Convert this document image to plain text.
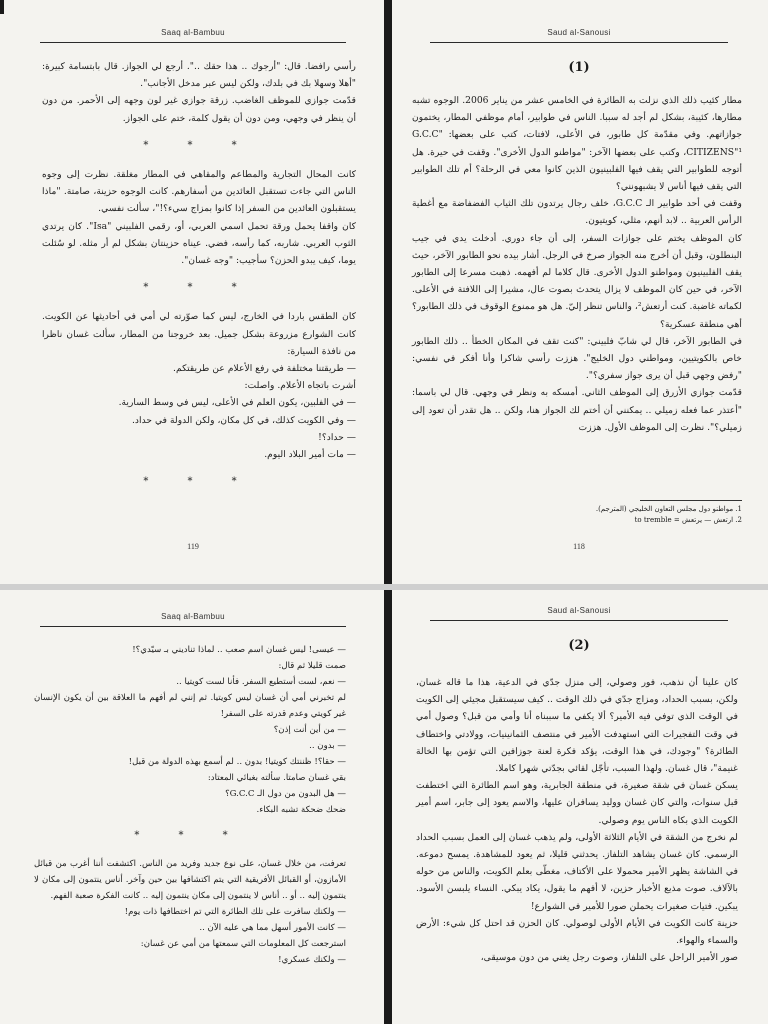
Saaq al-Bambuu

رأسي رافضا. قال: "أرجوك .. هذا حقك ..". أرجع لي الجواز. قال بابتسامة كبيرة: "أهلا وسهلا بك في بلدك، ولكن ليس عبر مدخل الأجانب".

قدّمت جوازي للموظف الغاضب. زرقة جوازي غير لون وجهه إلى الأحمر. من دون أن ينظر في وجهي، ومن دون أن يقول كلمة، ختم على الجواز.

* * *

كانت المحال التجارية والمطاعم والمقاهي في المطار مغلقة. نظرت إلى وجوه الناس التي جاءت تستقبل العائدين من أسفارهم. كانت الوجوه حزينة، صامتة. "ماذا يستقبلون العائدين من السفر إذا كانوا بمزاج سيء؟!"، سألت نفسي.

كان واقفا يحمل ورقة تحمل اسمي العربي، أو، رقمي الفلبيني "Isa". كان يرتدي الثوب العربي. شاربه، كما رأسه، فضي. عيناه حزينتان بشكل لم أر مثله. لو سُئلت يوما، كيف يبدو الحزن؟ سأجيب: "وجه غسان".

* * *

كان الطقس باردا في الخارج، ليس كما صوّرته لي أمي في أحاديثها عن الكويت. كانت الشوارع مزروعة بشكل جميل. بعد خروجنا من المطار، سألت غسان ناظرا من نافذة السيارة:

— طريقتنا مختلفة في رفع الأعلام عن طريقتكم.

أشرت باتجاه الأعلام. واصلت:

— في الفلبين، يكون العلم في الأعلى، ليس في وسط السارية.

— وفي الكويت كذلك، في كل مكان، ولكن الدولة في حداد.

— حداد؟!

— مات أمير البلاد اليوم.

* * *
119
Saud al-Sanousi
(1)

مطار كئيب ذلك الذي نزلت به الطائرة في الخامس عشر من يناير 2006. الوجوه تشبه مطارها، كئيبة، بشكل لم أجد له سببا. الناس في طوابير، أمام موظفي المطار، يختمون جوازاتهم. وفي مقدّمة كل طابور، في الأعلى، لافتات، كتب على بعضها: "G.C.C CITIZENS"¹، وكتب على بعضها الآخر: "مواطنو الدول الأخرى". وقفت في حيرة. هل أتوجه للطوابير التي يقف فيها الفلبينيون الذين كانوا معي في الرحلة؟ أم تلك الطوابير التي يقف فيها أناس لا يشبهونني؟

وقفت في أحد طوابير الـ G.C.C، خلف رجال يرتدون تلك الثياب الفضفاضة مع أغطية الرأس العربية .. لابد أنهم، مثلي، كويتيون.

كان الموظف يختم على جوازات السفر، إلى أن جاء دوري. أدخلت يدي في جيب البنطلون، وقبل أن أخرج منه الجواز صرخ في الرجل. أشار بيده نحو الطابور الآخر، حيث يقف الفلبينيون ومواطنو الدول الأخرى. قال كلاما لم أفهمه. ذهبت مسرعا إلى الطابور الآخر، في حين كان الموظف لا يزال يتحدث بصوت عال، مشيرا إلى اللافتة في الأعلى. لكماته غاضبة. كنت أرتعش²، والناس تنظر إليّ. هل هو ممنوع الوقوف في ذلك الطابور؟ أهي منطقة عسكرية؟

في الطابور الآخر، قال لي شابّ فلبيني: "كنت تقف في المكان الخطأ .. ذلك الطابور خاص بالكويتيين، ومواطني دول الخليج". هززت رأسي شاكرا وأنا أفكر في نفسي: "رفض وجهي قبل أن يرى جواز سفري؟".

قدّمت جوازي الأزرق إلى الموظف الثاني. أمسكه به ونظر في وجهي. قال لي باسما: "أعتذر عما فعله زميلي .. يمكنني أن أختم لك الجواز هنا، ولكن .. هل تقدر أن تعود إلى زميلي؟". نظرت إلى الموظف الأول. هززت

1. مواطنو دول مجلس التعاون الخليجي (المترجم).

2. ارتعش — يرتعش = to tremble

118
Saaq al-Bambuu

— عيسى! ليس غسان اسم صعب .. لماذا تناديني بـ سيّدي؟!

صمت قليلا ثم قال:

— نعم، لست أستطيع السفر. فأنا لست كويتيا ..

لم تخبرني أمي أن غسان ليس كويتيا. ثم إنني لم أفهم ما العلاقة بين أن يكون الإنسان غير كويتي وعدم قدرته على السفر!

— من أين أنت إذن؟

— بدون ..

— حقا؟! ظننتك كويتيا! بدون .. لم أسمع بهذه الدولة من قبل!

بقي غسان صامتا. سألته بغبائي المعتاد:

— هل البدون من دول الـ G.C.C؟

ضحك ضحكة تشبه البكاء.

* * *

تعرفت، من خلال غسان، على نوع جديد وفريد من الناس. اكتشفت أننا أغرب من قبائل الأمازون، أو القبائل الأفريقية التي يتم اكتشافها بين حين وآخر. أناس ينتمون إلى مكان لا ينتمون إليه .. أو .. أناس لا ينتمون إلى مكان ينتمون إليه .. كانت الفكرة صعبة الفهم.

— ولكنك سافرت على تلك الطائرة التي تم اختطافها ذات يوم!

— كانت الأمور أسهل مما هي عليه الآن ..

استرجعت كل المعلومات التي سمعتها من أمي عن غسان:

— ولكنك عسكري!

Saud al-Sanousi
(2)

كان علينا أن نذهب، فور وصولي، إلى منزل جدّي في الدعية، هذا ما قاله غسان، ولكن، بسبب الحداد، ومزاج جدّي في ذلك الوقت .. كيف سيستقبل مجيئي إلى الكويت في الوقت الذي توفي فيه الأمير؟ ألا يكفي ما سببناه أنا وأمي من قبل؟ وصول أمي في وقت التفجيرات التي استهدفت الأمير في منتصف الثمانينيات، وولادتي واختطاف الطائرة؟ "وجودك، في هذا الوقت، يؤكد فكرة لعنة جوزافين التي تؤمن بها الخالة غنيمة"، قال غسان. ولهذا السبب، تأجّل لقائي بجدّتي شهرا كاملا.

يسكن غسان في شقة صغيرة، في منطقة الجابرية، وهو اسم الطائرة التي اختطفت قبل سنوات، والتي كان غسان ووليد يسافران عليها، والاسم يعود إلى جابر، اسم أمير الكويت الذي بكاه الناس يوم وصولي.

لم نخرج من الشقة في الأيام الثلاثة الأولى، ولم يذهب غسان إلى العمل بسبب الحداد الرسمي. كان غسان يشاهد التلفاز. يحدثني قليلا، ثم يعود للمشاهدة. يمسح دموعه. في الشاشة يظهر الأمير محمولا على الأكتاف، مغطّى بعلم الكويت، والناس من حوله بالآلاف. صوت مذيع الأخبار حزين، لا أفهم ما يقول، يكاد يبكي. النساء يلبسن الأسود. يبكين. فتيات صغيرات يحملن صورا للأمير في الشوارع!

حزينة كانت الكويت في الأيام الأولى لوصولي. كان الحزن قد احتل كل شيء: الأرض والسماء والهواء.

صور الأمير الراحل على التلفاز، وصوت رجل يغني من دون موسيقى،
